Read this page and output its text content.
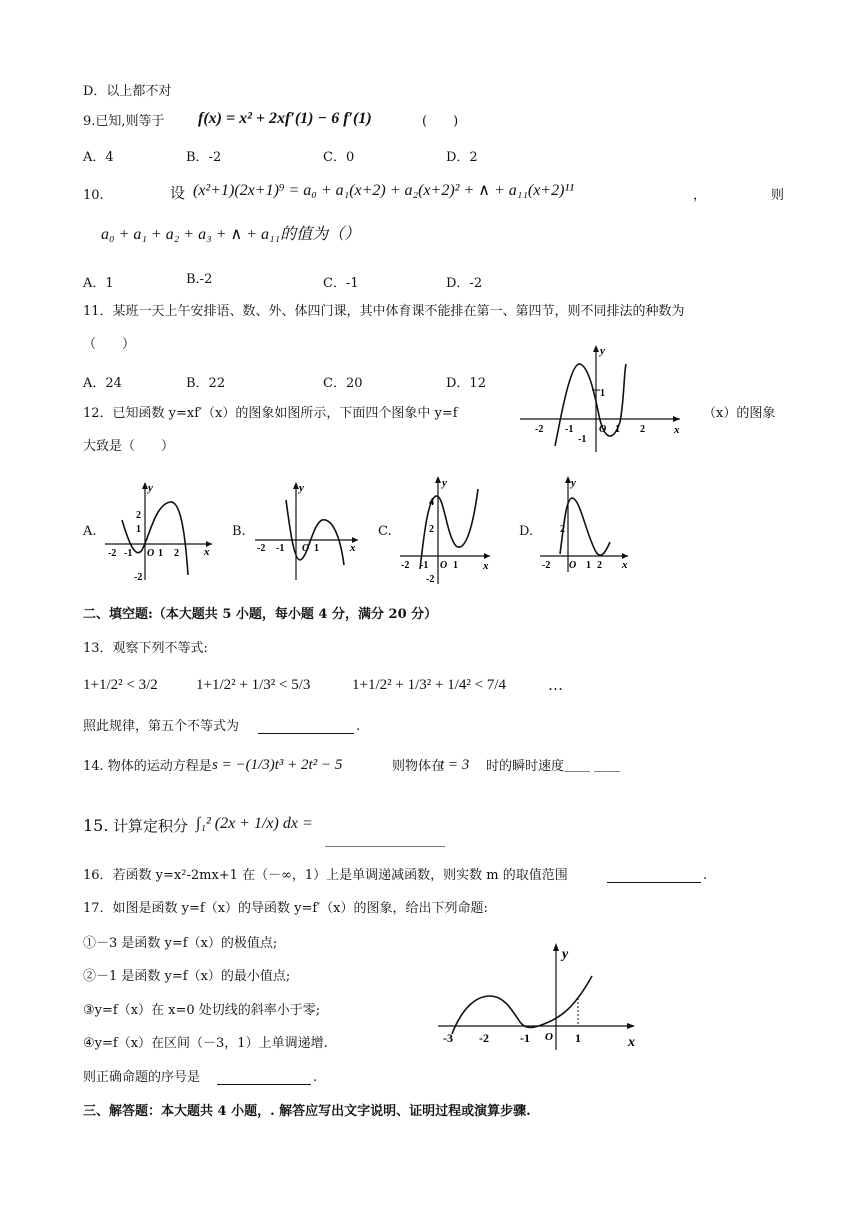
D．以上都不对
9.已知,则等于 f(x) = x² + 2xf′(1) − 6 f′(1)	(　　)
A．4	B．-2	C．0	D．2
10.	设 (x²+1)(2x+1)⁹ = a₀ + a₁(x+2) + a₂(x+2)² + ∧ + a₁₁(x+2)¹¹	，	则
a₀ + a₁ + a₂ + a₃ + ∧ + a₁₁的值为（）
A．1	B.-2	C．-1	D．-2
11．某班一天上午安排语、数、外、体四门课，其中体育课不能排在第一、第四节，则不同排法的种数为
（　　）
A．24	B．22	C．20	D．12
12．已知函数 y=xf′（x）的图象如图所示，下面四个图象中 y=f	（x）的图象
大致是（　　）
y
x
-2 -1	O 1 2
1
-1
A.	B.	C.	D.
y
x
-2 -1 O 1 2
2
1
-2
y
x
-2 -1 O 1
y
x
-2 -1 O 1
4
2
-2
y
x
-2 O 1 2
2
二、填空题:（本大题共 5 小题，每小题 4 分，满分 20 分）
13．观察下列不等式:
1+1/2² < 3/2	1+1/2² + 1/3² < 5/3	1+1/2² + 1/3² + 1/4² < 7/4	…
照此规律，第五个不等式为	.
14. 物体的运动方程是 s = −(1/3)t³ + 2t² − 5	则物体在
t = 3 时的瞬时速度＿＿ ＿＿
15. 计算定积分 ∫₁² (2x + 1/x) dx =
16．若函数 y=x²-2mx+1 在（－∞，1）上是单调递减函数，则实数 m 的取值范围	.
17．如图是函数 y=f（x）的导函数 y=f′（x）的图象，给出下列命题:
①－3 是函数 y=f（x）的极值点;
②－1 是函数 y=f（x）的最小值点;
③y=f（x）在 x=0 处切线的斜率小于零;
④y=f（x）在区间（－3，1）上单调递增.
则正确命题的序号是	.
y
x
-3 -2	-1 O 1
三、解答题：本大题共 4 小题，. 解答应写出文字说明、证明过程或演算步骤.
